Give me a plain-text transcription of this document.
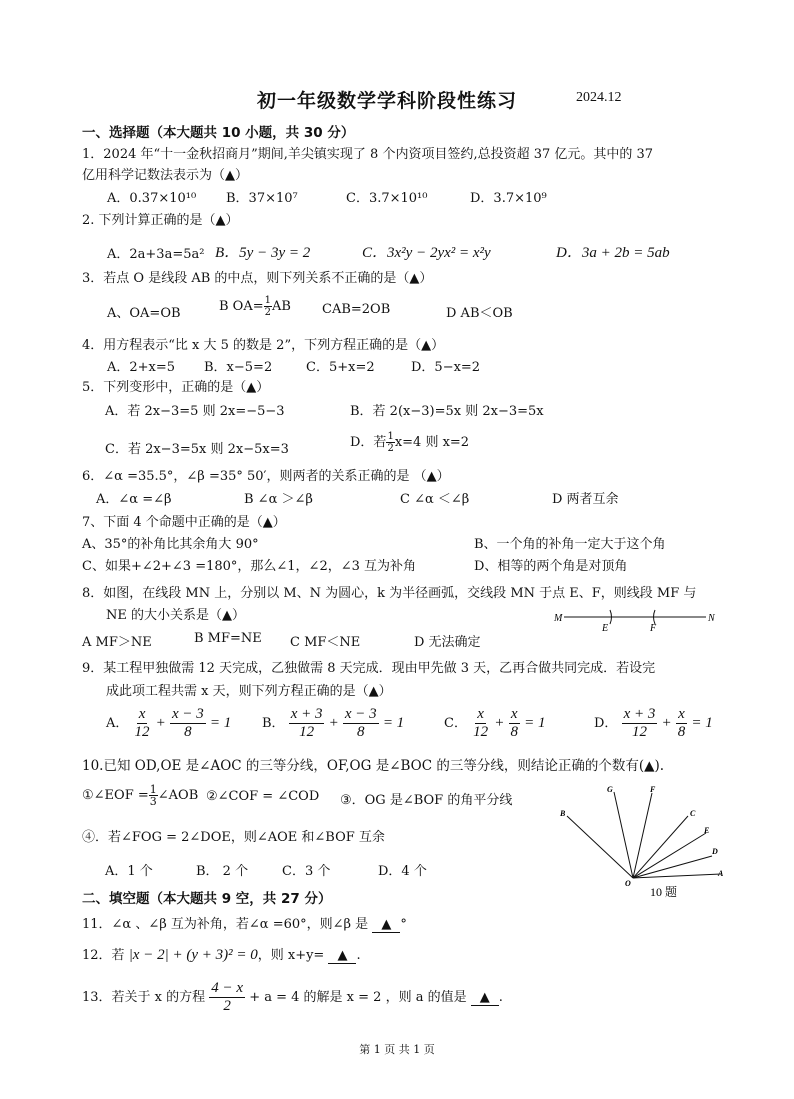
初一年级数学学科阶段性练习	2024.12
一、选择题（本大题共 10 小题，共 30 分）
1．2024 年“十一金秋招商月”期间,羊尖镇实现了 8 个内资项目签约,总投资超 37 亿元。其中的 37
亿用科学记数法表示为（▲）
A．0.37×10¹⁰ B．37×10⁷	C．3.7×10¹⁰	D．3.7×10⁹
2. 下列计算正确的是（▲）
A．2a+3a=5a² B．5y − 3y = 2	C．3x²y − 2yx² = x²y	D．3a + 2b = 5ab
3．若点 O 是线段 AB 的中点，则下列关系不正确的是（▲）
A、OA=OB	B $OA= \frac{1}{2}$ AB CAB=2OB	D AB＜OB
4．用方程表示“比 x 大 5 的数是 2”，下列方程正确的是（▲）
A．2+x=5 B．x−5=2	C．5+x=2	D．5−x=2
5．下列变形中，正确的是（▲）
A．若 2x−3=5 则 2x=−5−3	B．若 2(x−3)=5x 则 2x−3=5x
C．若 2x−3=5x 则 2x−5x=3	D．若 $\frac{1}{2} x=4$ 则 x=2
6．∠α =35.5°，∠β =35° 50′，则两者的关系正确的是 （▲）
A．∠α =∠β	B ∠α ＞∠β	C ∠α ＜∠β	D 两者互余
7、下面 4 个命题中正确的是（▲）
A、35°的补角比其余角大 90°	B、一个角的补角一定大于这个角
C、如果+∠2+∠3 =180°，那么∠1，∠2，∠3 互为补角	D、相等的两个角是对顶角
8．如图，在线段 MN 上，分别以 M、N 为圆心，k 为半径画弧，交线段 MN 于点 E、F，则线段 MF 与
NE 的大小关系是（▲）
A MF＞NE	B MF=NE C MF＜NE	D 无法确定
M
E	F
N
9．某工程甲独做需 12 天完成，乙独做需 8 天完成．现由甲先做 3 天，乙再合做共同完成．若设完
成此项工程共需 x 天，则下列方程正确的是（▲）
A． $\frac{x}{12} + \frac{x - 3}{8} = 1$ B． $\frac{x + 3}{12} + \frac{x - 3}{8} = 1$	C． $\frac{x}{12} + \frac{x}{8} = 1$	D． $\frac{x + 3}{12} + \frac{x}{8} = 1$
10.已知 OD,OE 是∠AOC 的三等分线，OF,OG 是∠BOC 的三等分线，则结论正确的个数有(▲).
①∠EOF = $\frac{1}{3}$ ∠AOB ②∠COF = ∠COD ③．OG 是∠BOF 的角平分线
④．若∠FOG = 2∠DOE，则∠AOE 和∠BOF 互余
A．1 个	B． 2 个	C．3 个	D．4 个
B
G	F
C
E
D
A
O
10 题
二、填空题（本大题共 9 空，共 27 分）
11．∠α 、∠β 互为补角，若∠α =60°，则∠β 是 ▲ °
12．若 |x − 2| + (y + 3)² = 0，则 x+y= ▲ .
13．若关于 x 的方程 $\frac{4 - x}{2} + a = 4$ 的解是 x = 2 ，则 a 的值是 ▲ .
第 1 页 共 1 页
